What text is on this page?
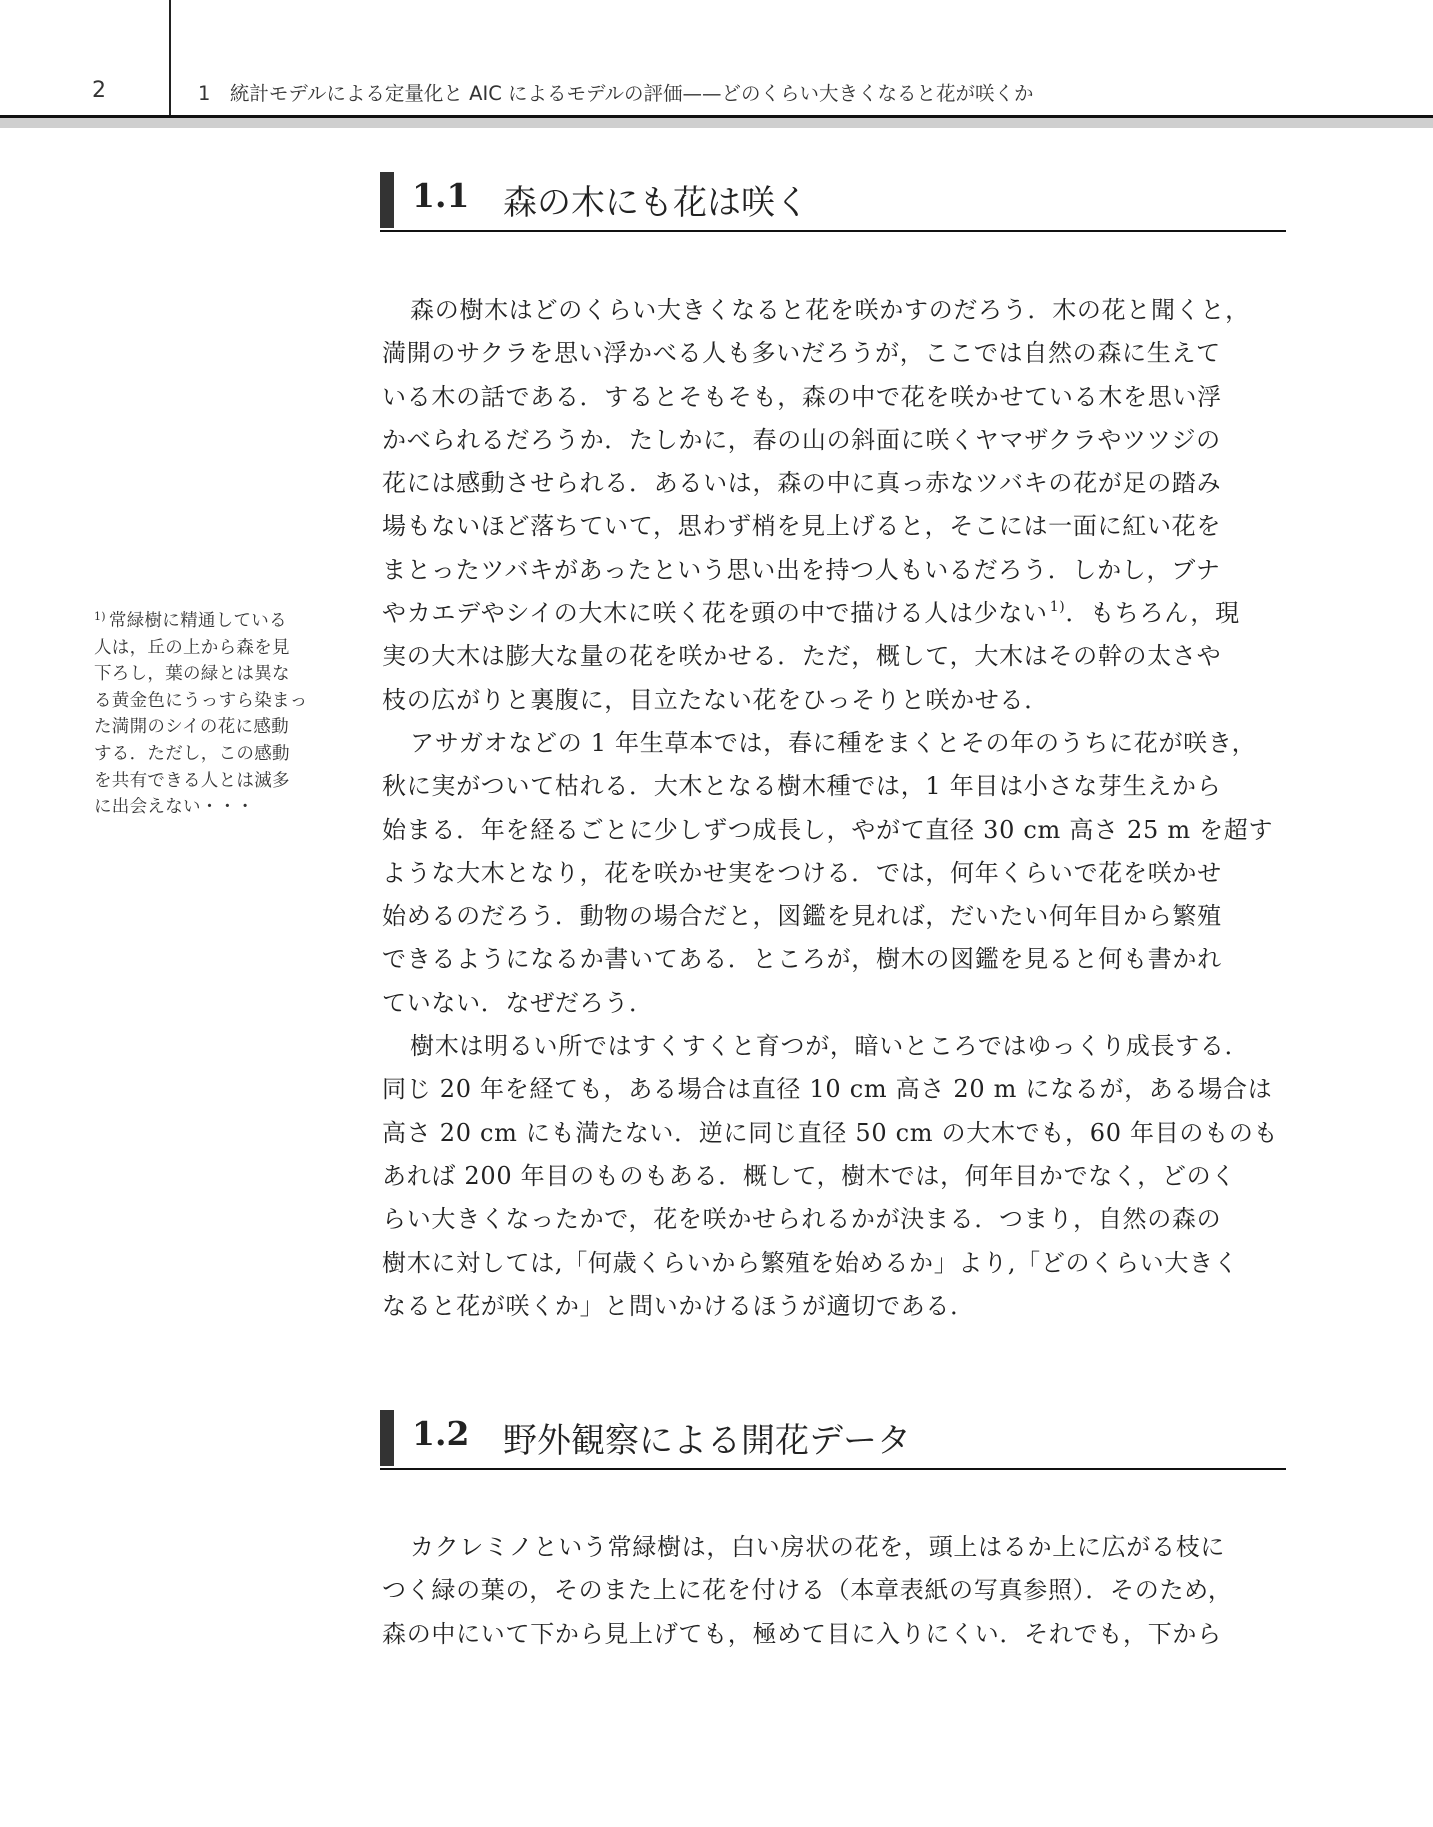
2	1　統計モデルによる定量化と AIC によるモデルの評価——どのくらい大きくなると花が咲くか
1.1 森の木にも花は咲く
森の樹木はどのくらい大きくなると花を咲かすのだろう．木の花と聞くと，
満開のサクラを思い浮かべる人も多いだろうが，ここでは自然の森に生えて
いる木の話である．するとそもそも，森の中で花を咲かせている木を思い浮
かべられるだろうか．たしかに，春の山の斜面に咲くヤマザクラやツツジの
花には感動させられる．あるいは，森の中に真っ赤なツバキの花が足の踏み
場もないほど落ちていて，思わず梢を見上げると，そこには一面に紅い花を
まとったツバキがあったという思い出を持つ人もいるだろう．しかし，ブナ
やカエデやシイの大木に咲く花を頭の中で描ける人は少ない $^{1)}$．もちろん，現
実の大木は膨大な量の花を咲かせる．ただ，概して，大木はその幹の太さや
枝の広がりと裏腹に，目立たない花をひっそりと咲かせる．
アサガオなどの 1 年生草本では，春に種をまくとその年のうちに花が咲き，
秋に実がついて枯れる．大木となる樹木種では，1 年目は小さな芽生えから
始まる．年を経るごとに少しずつ成長し，やがて直径 30 cm 高さ 25 m を超す
ような大木となり，花を咲かせ実をつける．では，何年くらいで花を咲かせ
始めるのだろう．動物の場合だと，図鑑を見れば，だいたい何年目から繁殖
できるようになるか書いてある．ところが，樹木の図鑑を見ると何も書かれ
ていない．なぜだろう．
樹木は明るい所ではすくすくと育つが，暗いところではゆっくり成長する．
同じ 20 年を経ても，ある場合は直径 10 cm 高さ 20 m になるが，ある場合は
高さ 20 cm にも満たない．逆に同じ直径 50 cm の大木でも，60 年目のものも
あれば 200 年目のものもある．概して，樹木では，何年目かでなく，どのく
らい大きくなったかで，花を咲かせられるかが決まる．つまり，自然の森の
樹木に対しては,「何歳くらいから繁殖を始めるか」より,「どのくらい大きく
なると花が咲くか」と問いかけるほうが適切である．
1.2 野外観察による開花データ
カクレミノという常緑樹は，白い房状の花を，頭上はるか上に広がる枝に
つく緑の葉の，そのまた上に花を付ける（本章表紙の写真参照）．そのため，
森の中にいて下から見上げても，極めて目に入りにくい．それでも，下から
$^{1)}$ 常緑樹に精通している
人は，丘の上から森を見
下ろし，葉の緑とは異な
る黄金色にうっすら染まっ
た満開のシイの花に感動
する．ただし，この感動
を共有できる人とは滅多
に出会えない・・・
